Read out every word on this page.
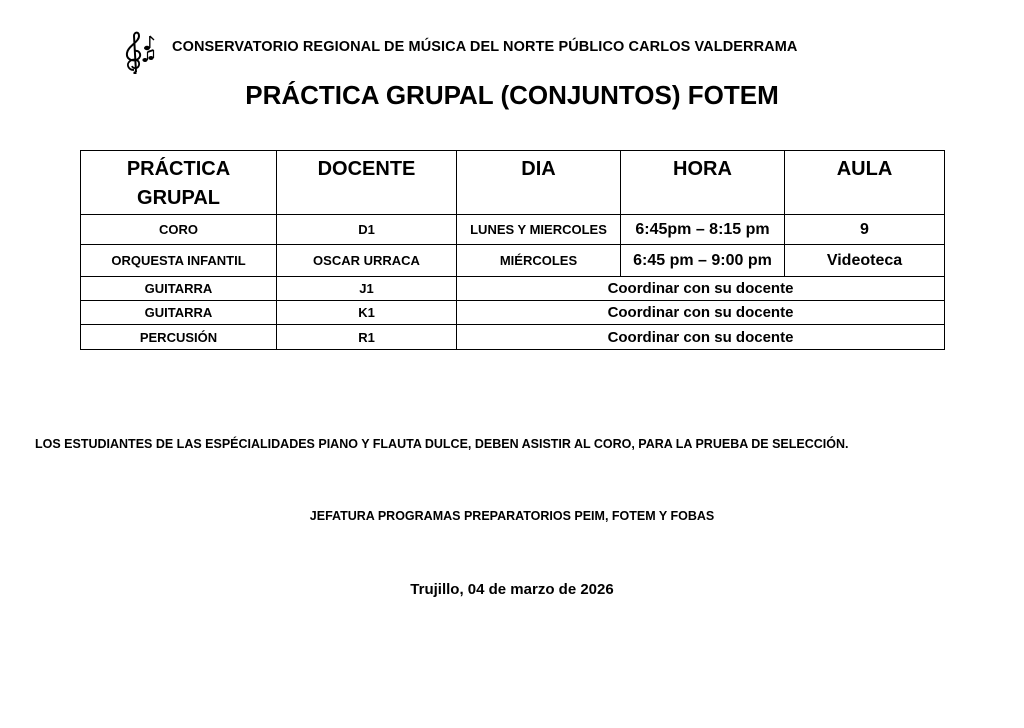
CONSERVATORIO REGIONAL DE MÚSICA DEL NORTE PÚBLICO CARLOS VALDERRAMA
PRÁCTICA GRUPAL (CONJUNTOS) FOTEM
PRÁCTICA
GRUPAL	DOCENTE	DIA	HORA	AULA
CORO	D1	LUNES Y MIERCOLES	6:45pm – 8:15 pm	9
ORQUESTA INFANTIL	OSCAR URRACA	MIÉRCOLES	6:45 pm – 9:00 pm	Videoteca
GUITARRA	J1	Coordinar con su docente		
GUITARRA	K1	Coordinar con su docente		
PERCUSIÓN	R1	Coordinar con su docente		
LOS ESTUDIANTES DE LAS ESPÉCIALIDADES PIANO Y FLAUTA DULCE, DEBEN ASISTIR AL CORO, PARA LA PRUEBA DE SELECCIÓN.
JEFATURA PROGRAMAS PREPARATORIOS PEIM, FOTEM Y FOBAS
Trujillo, 04 de marzo de 2026
